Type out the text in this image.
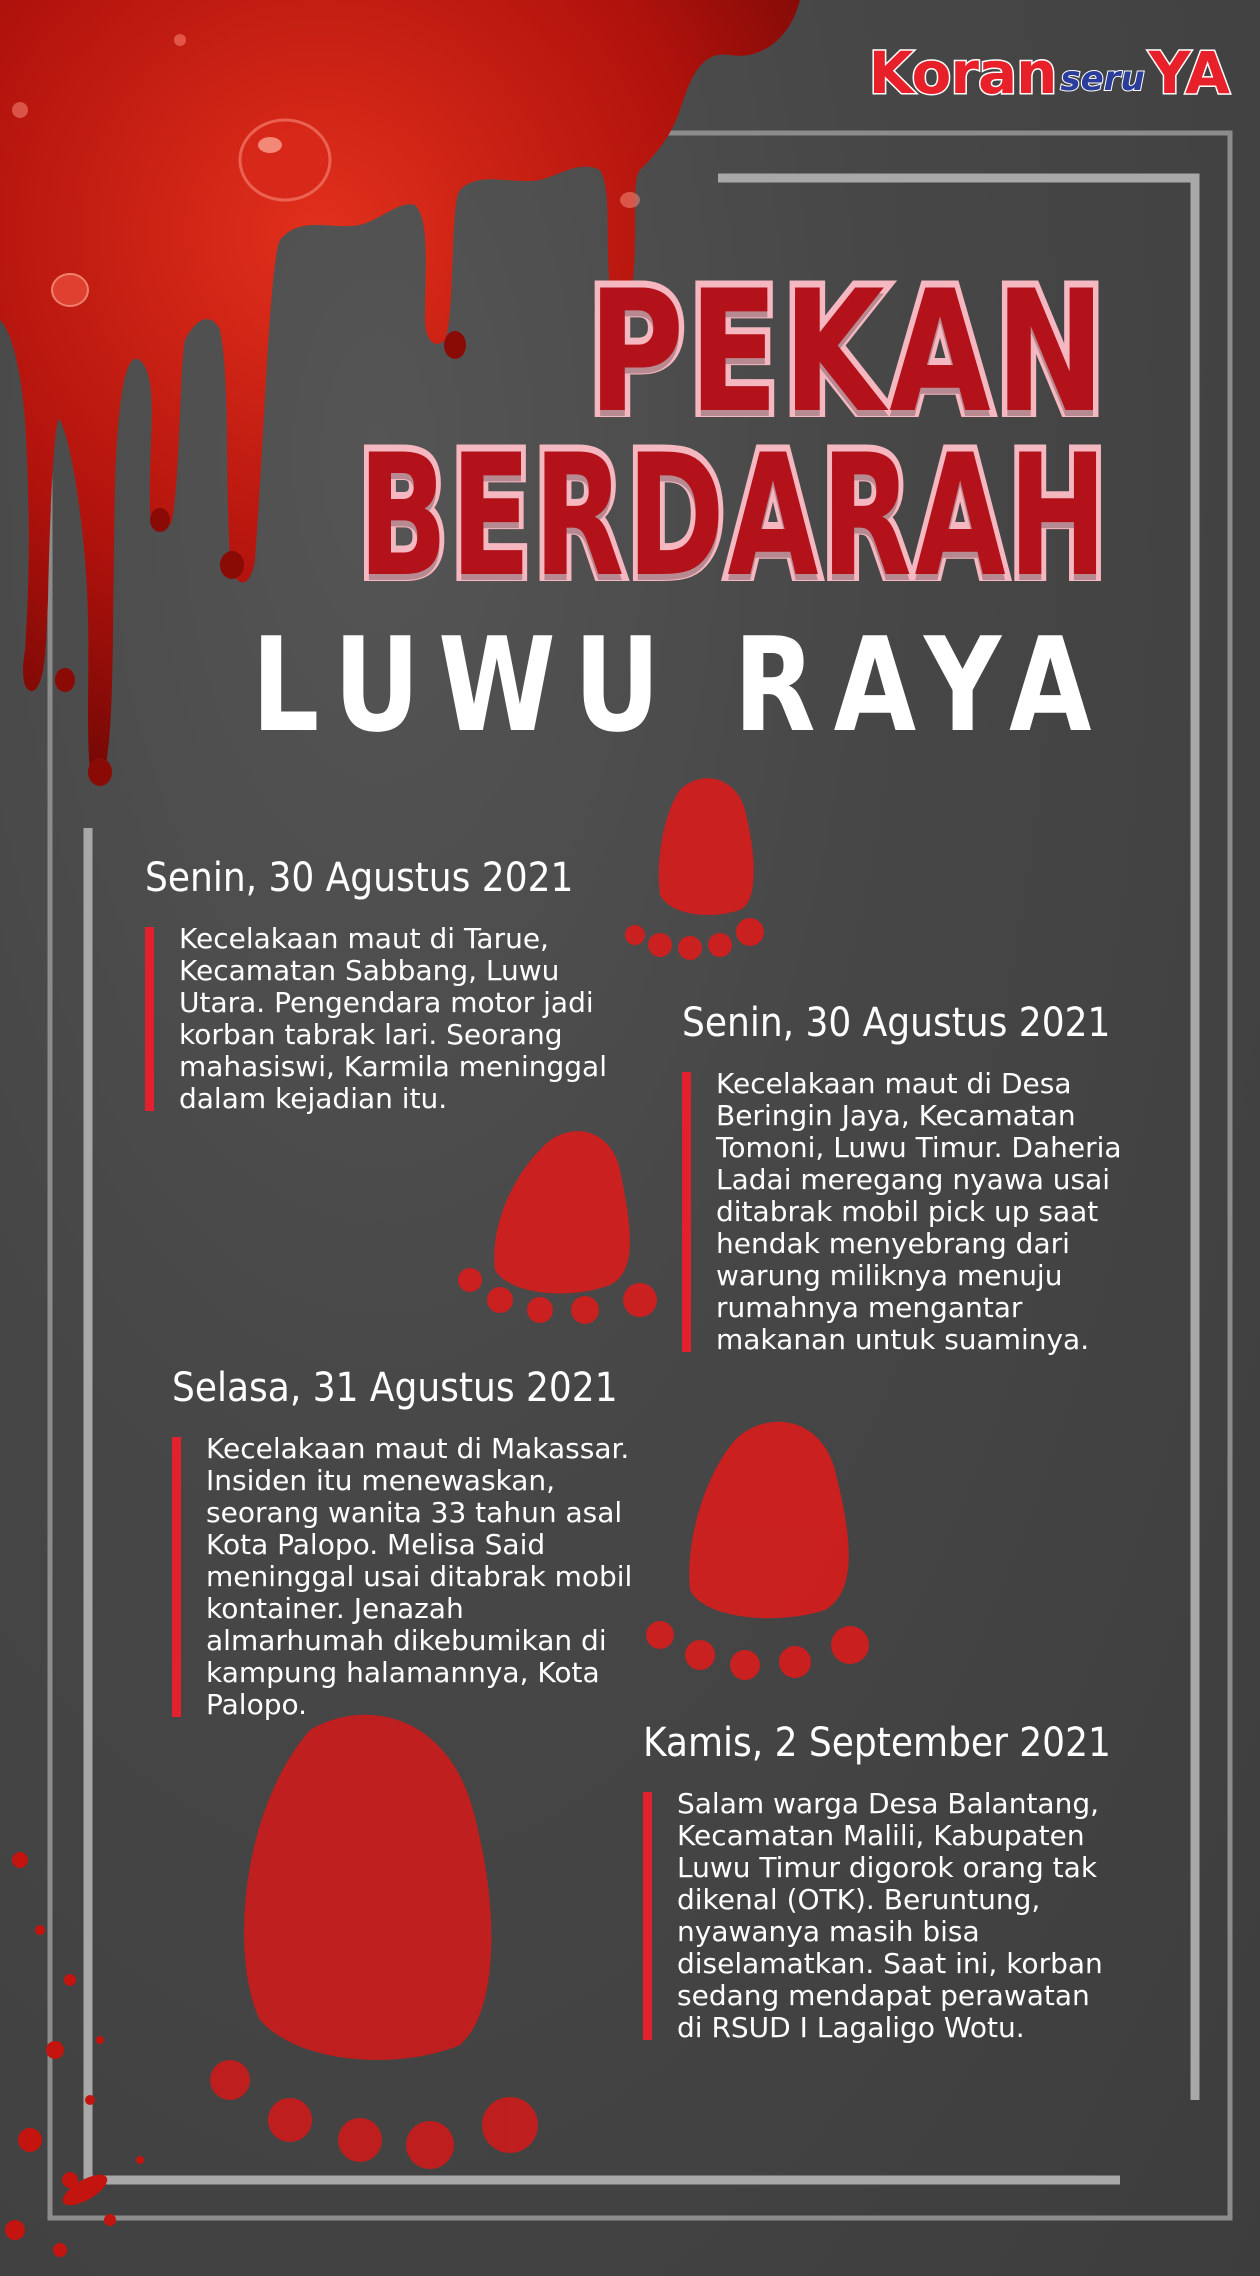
Koran seru YA
PEKAN
BERDARAH
LUWU RAYA
Senin, 30 Agustus 2021
Kecelakaan maut di Tarue,
Kecamatan Sabbang, Luwu
Utara. Pengendara motor jadi
korban tabrak lari. Seorang
mahasiswi, Karmila meninggal
dalam kejadian itu.
Senin, 30 Agustus 2021
Kecelakaan maut di Desa
Beringin Jaya, Kecamatan
Tomoni, Luwu Timur. Daheria
Ladai meregang nyawa usai
ditabrak mobil pick up saat
hendak menyebrang dari
warung miliknya menuju
rumahnya mengantar
makanan untuk suaminya.
Selasa, 31 Agustus 2021
Kecelakaan maut di Makassar.
Insiden itu menewaskan,
seorang wanita 33 tahun asal
Kota Palopo. Melisa Said
meninggal usai ditabrak mobil
kontainer. Jenazah
almarhumah dikebumikan di
kampung halamannya, Kota
Palopo.
Kamis, 2 September 2021
Salam warga Desa Balantang,
Kecamatan Malili, Kabupaten
Luwu Timur digorok orang tak
dikenal (OTK). Beruntung,
nyawanya masih bisa
diselamatkan. Saat ini, korban
sedang mendapat perawatan
di RSUD I Lagaligo Wotu.
